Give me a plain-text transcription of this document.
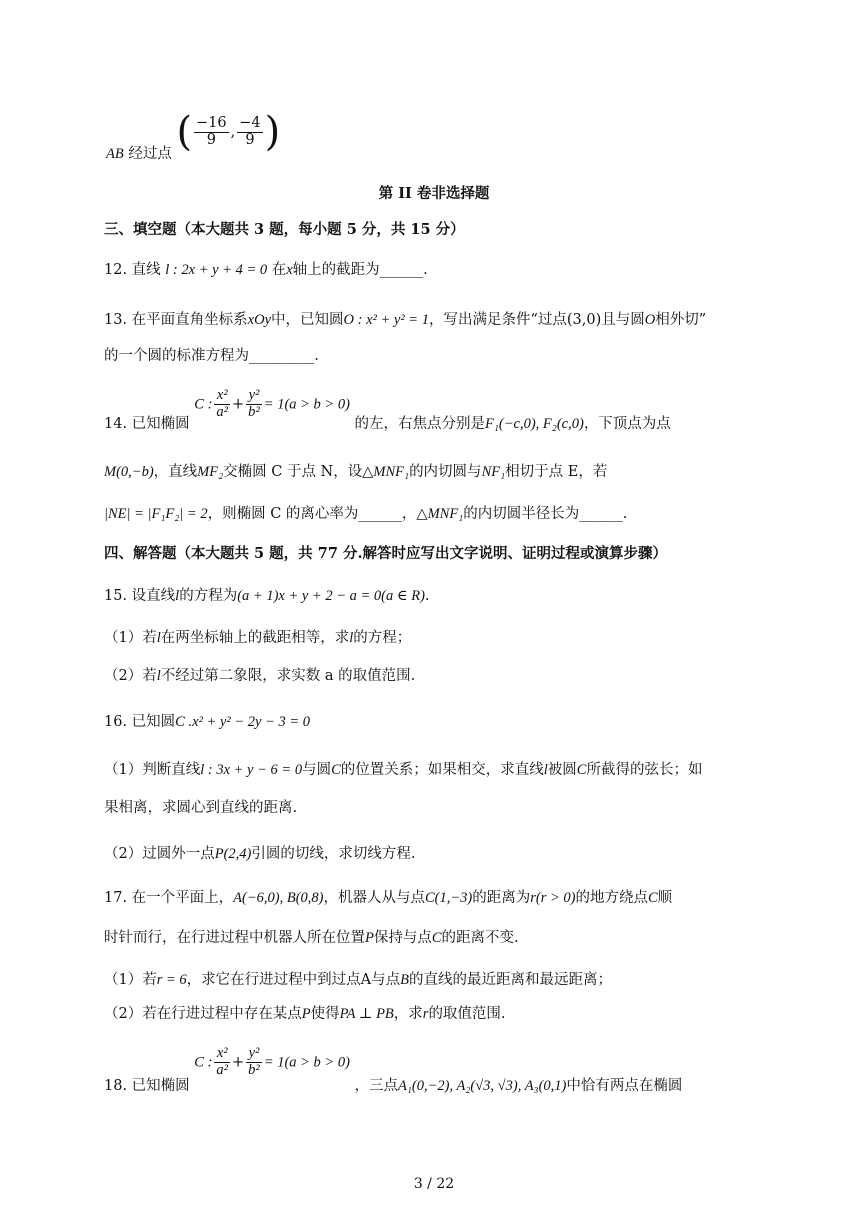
AB 经过点 ( $\frac{-16}{9}$ , $\frac{-4}{9}$ )
第 II 卷非选择题
三、填空题（本大题共 3 题，每小题 5 分，共 15 分）
12. 直线 l : 2x + y + 4 = 0 在x轴上的截距为______.
13. 在平面直角坐标系xOy中，已知圆O : x² + y² = 1，写出满足条件“过点(3,0)且与圆O相外切”
的一个圆的标准方程为_________.
14. 已知椭圆 C : $\frac{\text{x²}}{\text{a²}} + \frac{\text{y²}}{\text{b²}} = 1(a > b > 0)$ 的左，右焦点分别是F₁(−c,0), F₂(c,0)，下顶点为点
M(0,−b)，直线MF₂交椭圆 C 于点 N，设△MNF₁的内切圆与NF₁相切于点 E，若
|NE| = |F₁F₂| = 2，则椭圆 C 的离心率为______，△MNF₁的内切圆半径长为______.
四、解答题（本大题共 5 题，共 77 分.解答时应写出文字说明、证明过程或演算步骤）
15. 设直线l的方程为(a + 1)x + y + 2 − a = 0(a ∈ R).
（1）若l在两坐标轴上的截距相等，求l的方程；
（2）若l不经过第二象限，求实数 a 的取值范围.
16. 已知圆C .x² + y² − 2y − 3 = 0
（1）判断直线l : 3x + y − 6 = 0与圆C的位置关系；如果相交，求直线l被圆C所截得的弦长；如
果相离，求圆心到直线的距离.
（2）过圆外一点P(2,4)引圆的切线，求切线方程.
17. 在一个平面上，A(−6,0), B(0,8)，机器人从与点C(1,−3)的距离为r(r > 0)的地方绕点C顺
时针而行，在行进过程中机器人所在位置P保持与点C的距离不变.
（1）若r = 6，求它在行进过程中到过点A与点B的直线的最近距离和最远距离；
（2）若在行进过程中存在某点P使得PA ⊥ PB，求r的取值范围.
18. 已知椭圆 C : $\frac{\text{x²}}{\text{a²}} + \frac{\text{y²}}{\text{b²}} = 1(a > b > 0)$ ，三点A₁(0,−2), A₂(√3, √3), A₃(0,1)中恰有两点在椭圆
3 / 22
